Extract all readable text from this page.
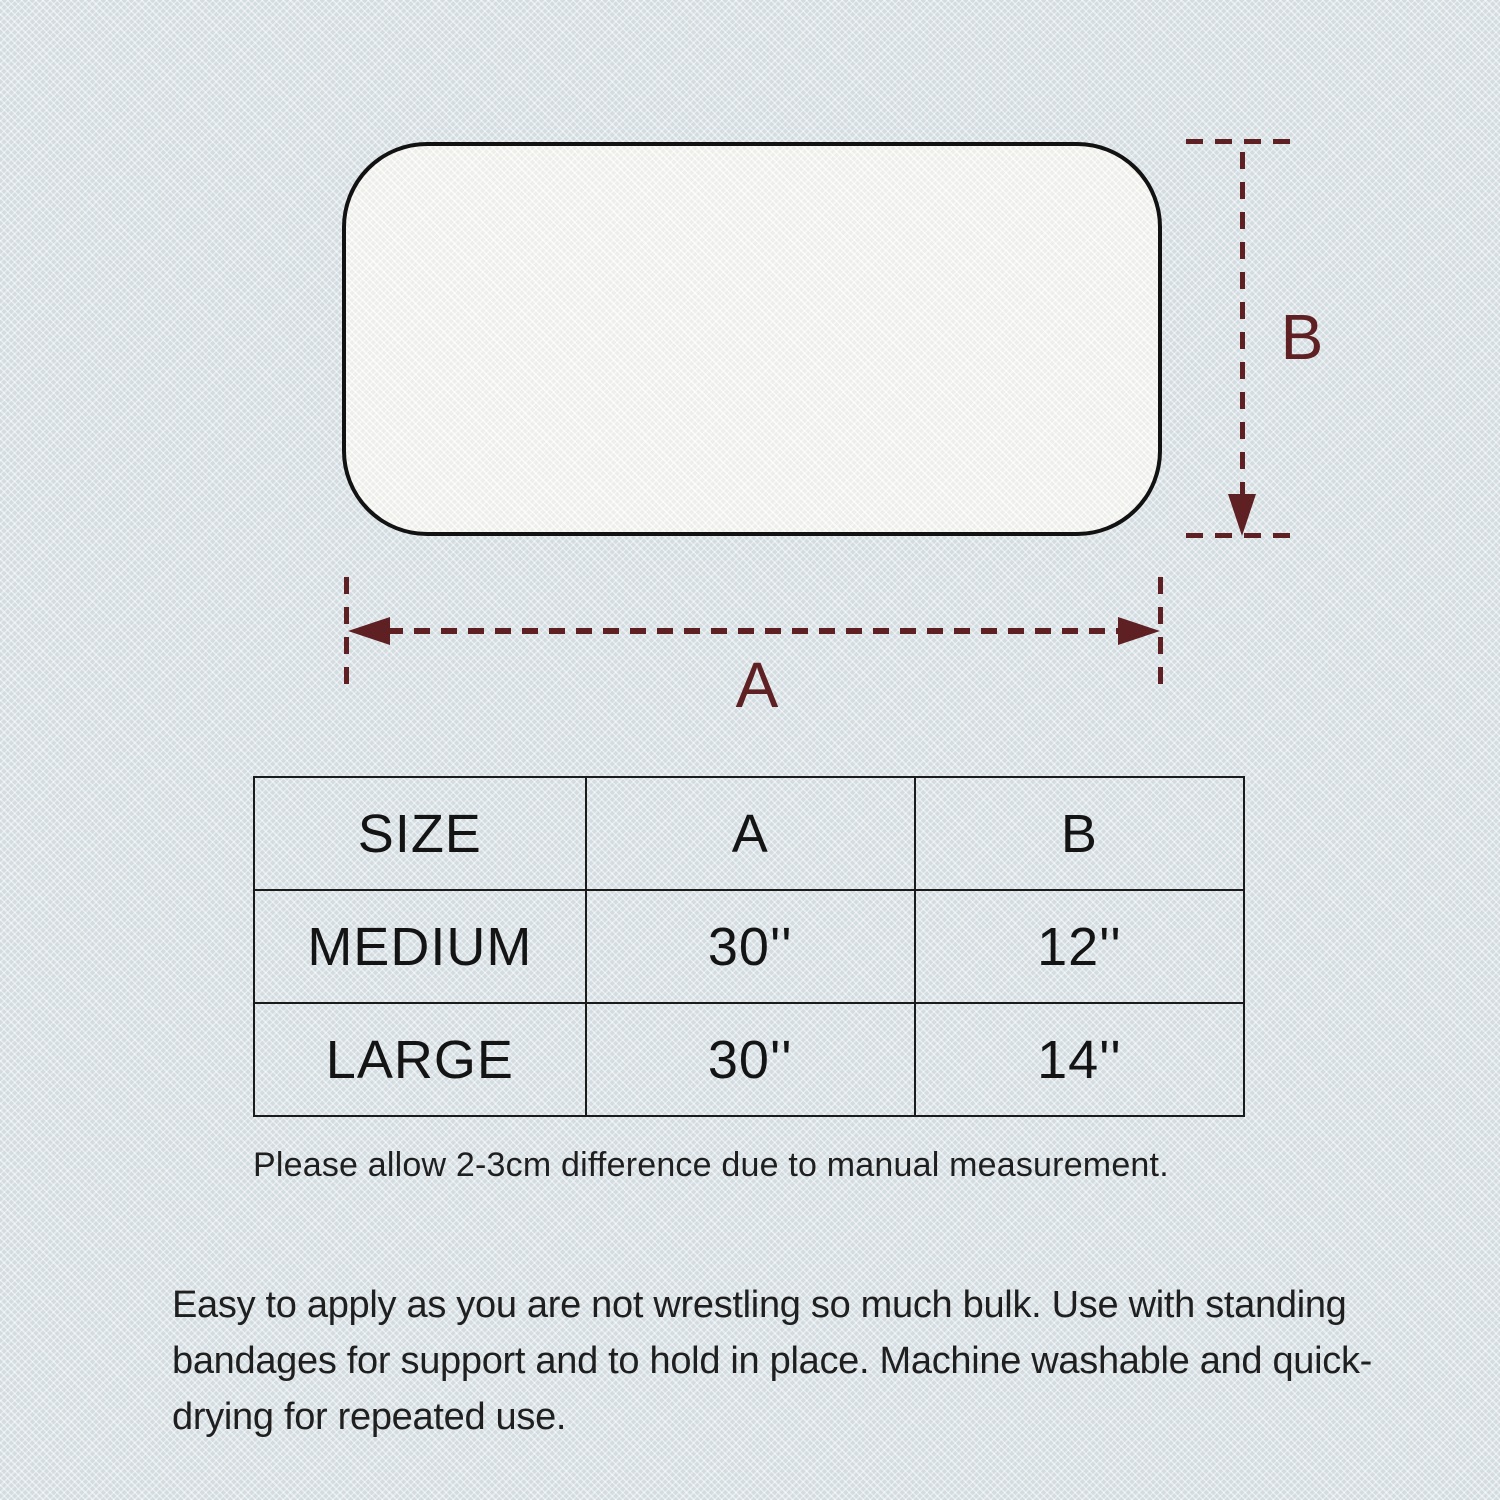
B
A
SIZE	A	B
MEDIUM	30''	12''
LARGE	30''	14''
Please allow 2-3cm difference due to manual measurement.
Easy to apply as you are not wrestling so much bulk. Use with standing bandages for support and to hold in place. Machine washable and quick-drying for repeated use.
